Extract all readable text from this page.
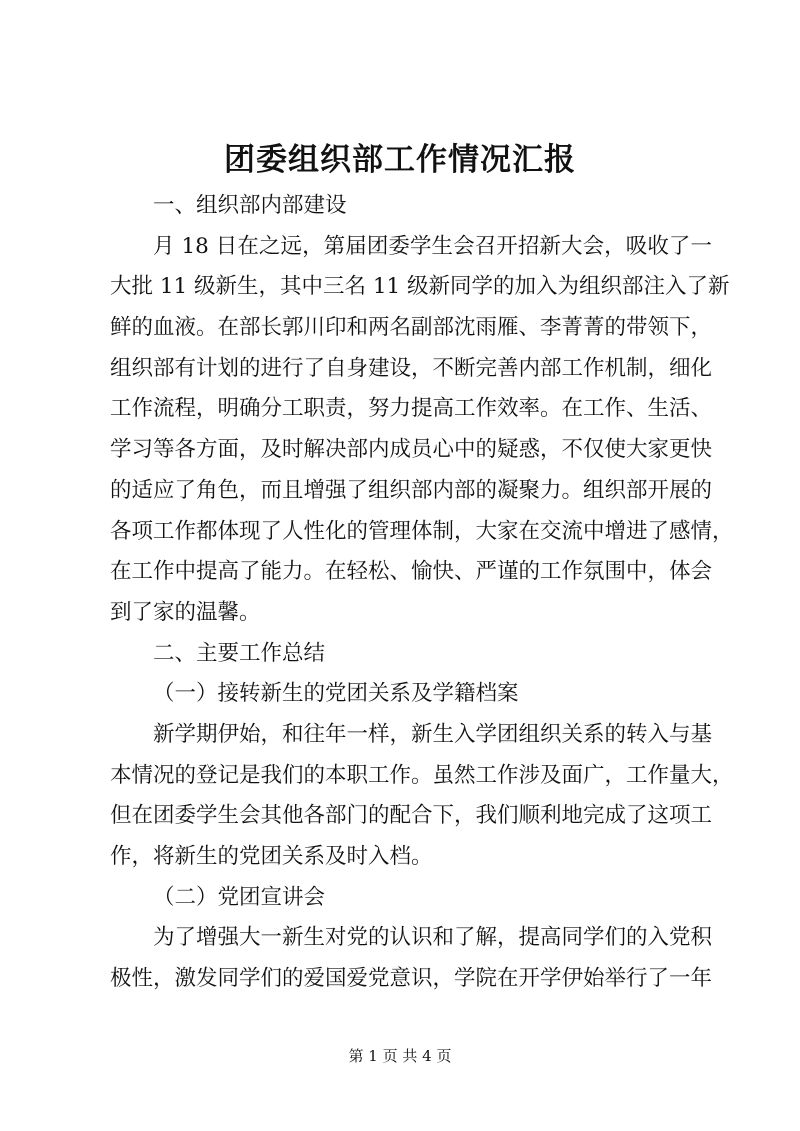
团委组织部工作情况汇报
一、组织部内部建设
月 18 日在之远，第届团委学生会召开招新大会，吸收了一
大批 11 级新生，其中三名 11 级新同学的加入为组织部注入了新
鲜的血液。在部长郭川印和两名副部沈雨雁、李菁菁的带领下，
组织部有计划的进行了自身建设，不断完善内部工作机制，细化
工作流程，明确分工职责，努力提高工作效率。在工作、生活、
学习等各方面，及时解决部内成员心中的疑惑，不仅使大家更快
的适应了角色，而且增强了组织部内部的凝聚力。组织部开展的
各项工作都体现了人性化的管理体制，大家在交流中增进了感情，
在工作中提高了能力。在轻松、愉快、严谨的工作氛围中，体会
到了家的温馨。
二、主要工作总结
（一）接转新生的党团关系及学籍档案
新学期伊始，和往年一样，新生入学团组织关系的转入与基
本情况的登记是我们的本职工作。虽然工作涉及面广，工作量大，
但在团委学生会其他各部门的配合下，我们顺利地完成了这项工
作，将新生的党团关系及时入档。
（二）党团宣讲会
为了增强大一新生对党的认识和了解，提高同学们的入党积
极性，激发同学们的爱国爱党意识，学院在开学伊始举行了一年
第 1 页 共 4 页
